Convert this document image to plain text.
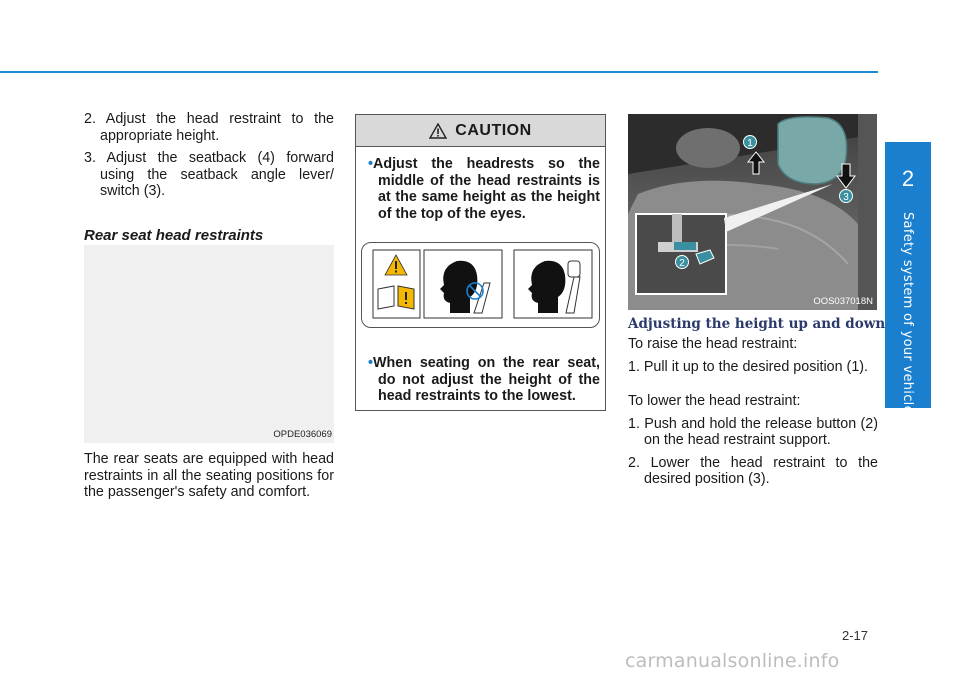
2
Safety system of your vehicle
2. Adjust the head restraint to the appropriate height.
3. Adjust the seatback (4) forward using the seatback angle lever/ switch (3).
Rear seat head restraints
OPDE036069
The rear seats are equipped with head restraints in all the seating positions for the passenger's safety and comfort.
CAUTION
•Adjust the headrests so the middle of the head restraints is at the same height as the height of the top of the eyes.
•When seating on the rear seat, do not adjust the height of the head restraints to the lowest.
1
2
3
OOS037018N
Adjusting the height up and down
To raise the head restraint:
1. Pull it up to the desired position (1).
To lower the head restraint:
1. Push and hold the release button (2) on the head restraint support.
2. Lower the head restraint to the desired position (3).
2-17
carmanualsonline.info
